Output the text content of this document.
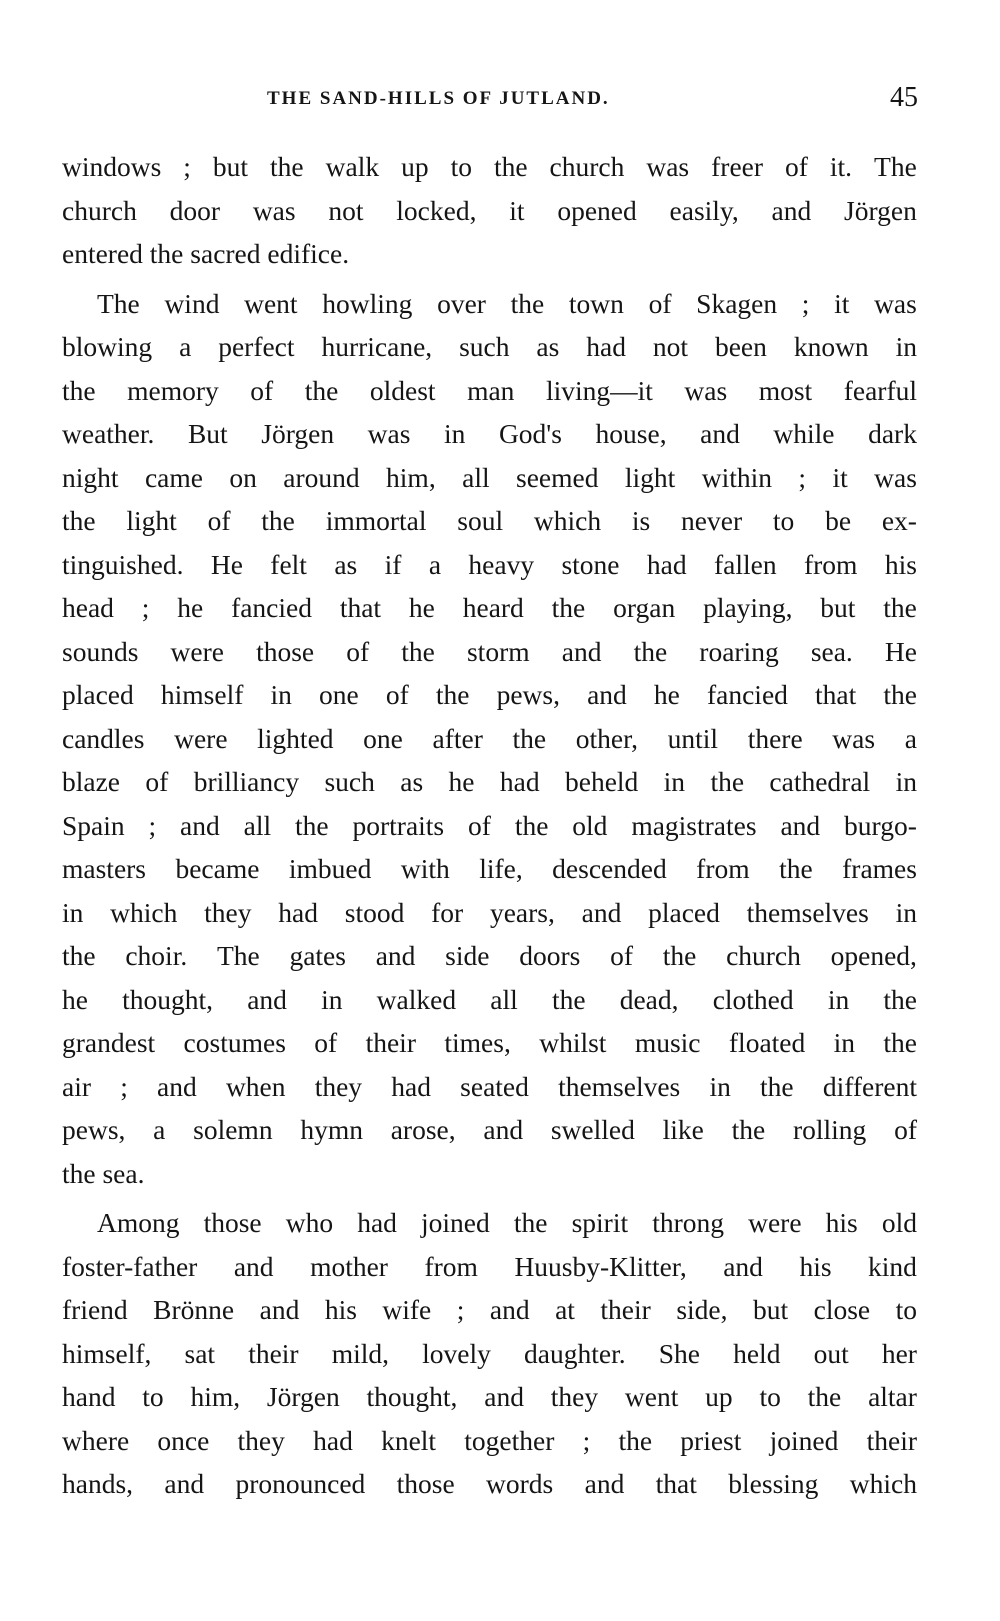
THE SAND-HILLS OF JUTLAND.	45
windows ; but the walk up to the church was freer of it. The
church door was not locked, it opened easily, and Jörgen
entered
the
sacred
edifice.

The wind went howling over the town of Skagen ; it was
blowing a perfect hurricane, such as had not been known in
the memory of the oldest man living—it was most fearful
weather. But Jörgen was in God's house, and while dark
night came on around him, all seemed light within ; it was
the light of the immortal soul which is never to be ex-
tinguished. He felt as if a heavy stone had fallen from his
head ; he fancied that he heard the organ playing, but the
sounds were those of the storm and the roaring sea. He
placed himself in one of the pews, and he fancied that the
candles were lighted one after the other, until there was a
blaze of brilliancy such as he had beheld in the cathedral in
Spain ; and all the portraits of the old magistrates and burgo-
masters became imbued with life, descended from the frames
in which they had stood for years, and placed themselves in
the choir. The gates and side doors of the church opened,
he thought, and in walked all the dead, clothed in the
grandest costumes of their times, whilst music floated in the
air ; and when they had seated themselves in the different
pews, a solemn hymn arose, and swelled like the rolling of
the
sea.

Among those who had joined the spirit throng were his old
foster-father and mother from Huusby-Klitter, and his kind
friend Brönne and his wife ; and at their side, but close to
himself, sat their mild, lovely daughter. She held out her
hand to him, Jörgen thought, and they went up to the altar
where once they had knelt together ; the priest joined their
hands, and pronounced those words and that blessing which
